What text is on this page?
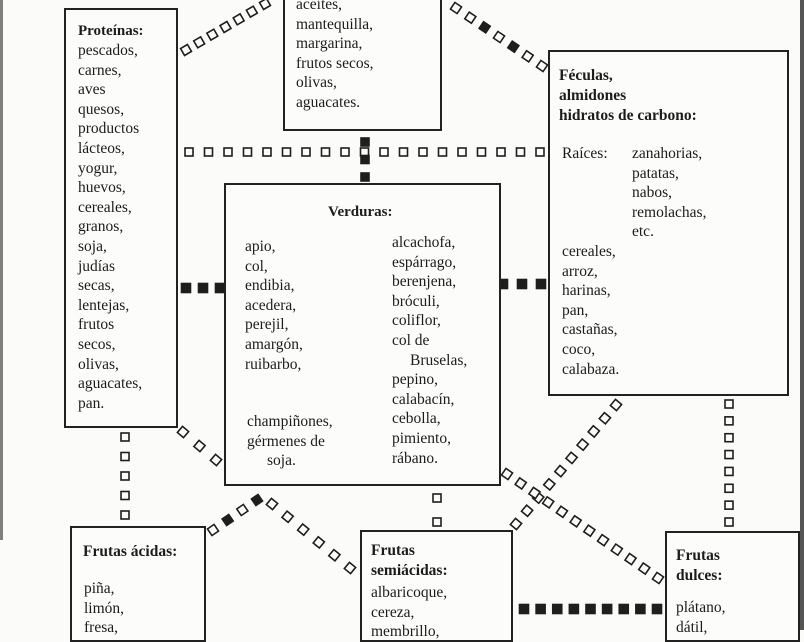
Proteínas:
pescados,
carnes,
aves
quesos,
productos
lácteos,
yogur,
huevos,
cereales,
granos,
soja,
judías
secas,
lentejas,
frutos
secos,
olivas,
aguacates,
pan.
aceites,
mantequilla,
margarina,
frutos secos,
olivas,
aguacates.
Féculas,
almidones
hidratos de carbono:
Raíces: zanahorias,
patatas,
nabos,
remolachas,
etc.
cereales,
arroz,
harinas,
pan,
castañas,
coco,
calabaza.
Verduras:
apio,
col,
endibia,
acedera,
perejil,
amargón,
ruibarbo,
champiñones,
gérmenes de
soja.
alcachofa,
espárrago,
berenjena,
bróculi,
coliflor,
col de
Bruselas,
pepino,
calabacín,
cebolla,
pimiento,
rábano.
Frutas ácidas:
piña,
limón,
fresa,
Frutas
semiácidas:
albaricoque,
cereza,
membrillo,
Frutas
dulces:
plátano,
dátil,
